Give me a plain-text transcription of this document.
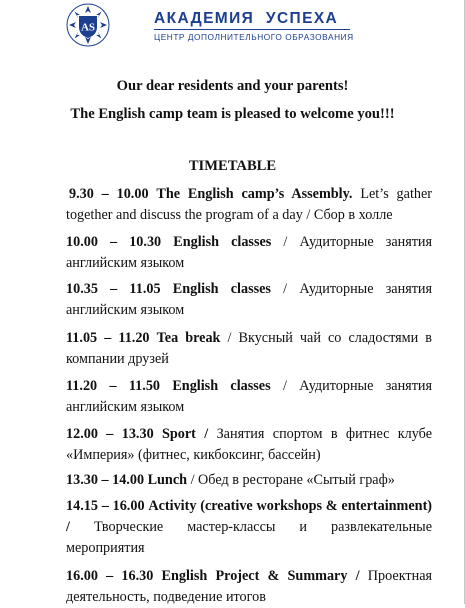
AS
АКАДЕМИЯ УСПЕХА
ЦЕНТР ДОПОЛНИТЕЛЬНОГО ОБРАЗОВАНИЯ
Our dear residents and your parents!
The English camp team is pleased to welcome you!!!
TIMETABLE
9.30 – 10.00 The English camp’s Assembly. Let’s gather together and discuss the program of a day / Сбор в холле
10.00 – 10.30 English classes / Аудиторные занятия английским языком
10.35 – 11.05 English classes / Аудиторные занятия английским языком
11.05 – 11.20 Tea break / Вкусный чай со сладостями в компании друзей
11.20 – 11.50 English classes / Аудиторные занятия английским языком
12.00 – 13.30 Sport / Занятия спортом в фитнес клубе «Империя» (фитнес, кикбоксинг, бассейн)
13.30 – 14.00 Lunch / Обед в ресторане «Сытый граф»
14.15 – 16.00 Activity (creative workshops & entertainment) / Творческие мастер-классы и развлекательные мероприятия
16.00 – 16.30 English Project & Summary / Проектная деятельность, подведение итогов
